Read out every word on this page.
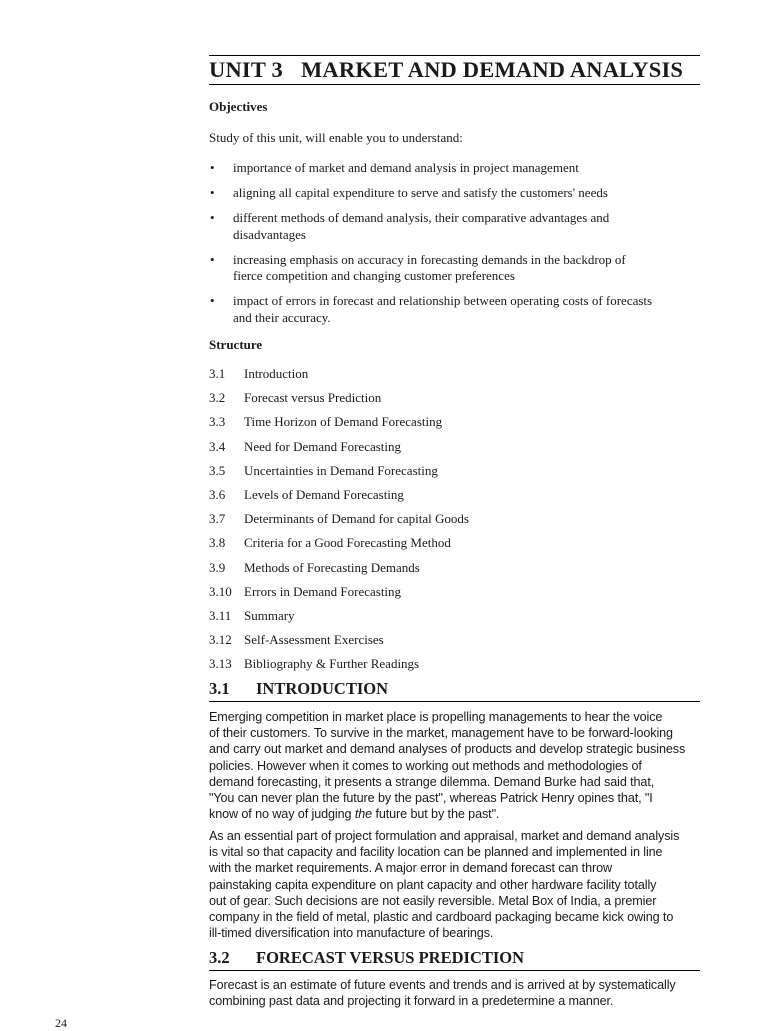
UNIT 3 MARKET AND DEMAND ANALYSIS
Objectives
Study of this unit, will enable you to understand:
• importance of market and demand analysis in project management
• aligning all capital expenditure to serve and satisfy the customers' needs
• different methods of demand analysis, their comparative advantages and
disadvantages
• increasing emphasis on accuracy in forecasting demands in the backdrop of
fierce competition and changing customer preferences
• impact of errors in forecast and relationship between operating costs of forecasts
and their accuracy.
Structure
3.1 Introduction
3.2 Forecast versus Prediction
3.3 Time Horizon of Demand Forecasting
3.4 Need for Demand Forecasting
3.5 Uncertainties in Demand Forecasting
3.6 Levels of Demand Forecasting
3.7 Determinants of Demand for capital Goods
3.8 Criteria for a Good Forecasting Method
3.9 Methods of Forecasting Demands
3.10 Errors in Demand Forecasting
3.11 Summary
3.12 Self-Assessment Exercises
3.13 Bibliography & Further Readings
3.1 INTRODUCTION
Emerging competition in market place is propelling managements to hear the voice
of their customers. To survive in the market, management have to be forward-looking
and carry out market and demand analyses of products and develop strategic business
policies. However when it comes to working out methods and methodologies of
demand forecasting, it presents a strange dilemma. Demand Burke had said that,
"You can never plan the future by the past", whereas Patrick Henry opines that, "I
know of no way of judging the future but by the past".
As an essential part of project formulation and appraisal, market and demand analysis
is vital so that capacity and facility location can be planned and implemented in line
with the market requirements. A major error in demand forecast can throw
painstaking capita expenditure on plant capacity and other hardware facility totally
out of gear. Such decisions are not easily reversible. Metal Box of India, a premier
company in the field of metal, plastic and cardboard packaging became kick owing to
ill-timed diversification into manufacture of bearings.
3.2 FORECAST VERSUS PREDICTION
Forecast is an estimate of future events and trends and is arrived at by systematically
combining past data and projecting it forward in a predetermine a manner.
24
